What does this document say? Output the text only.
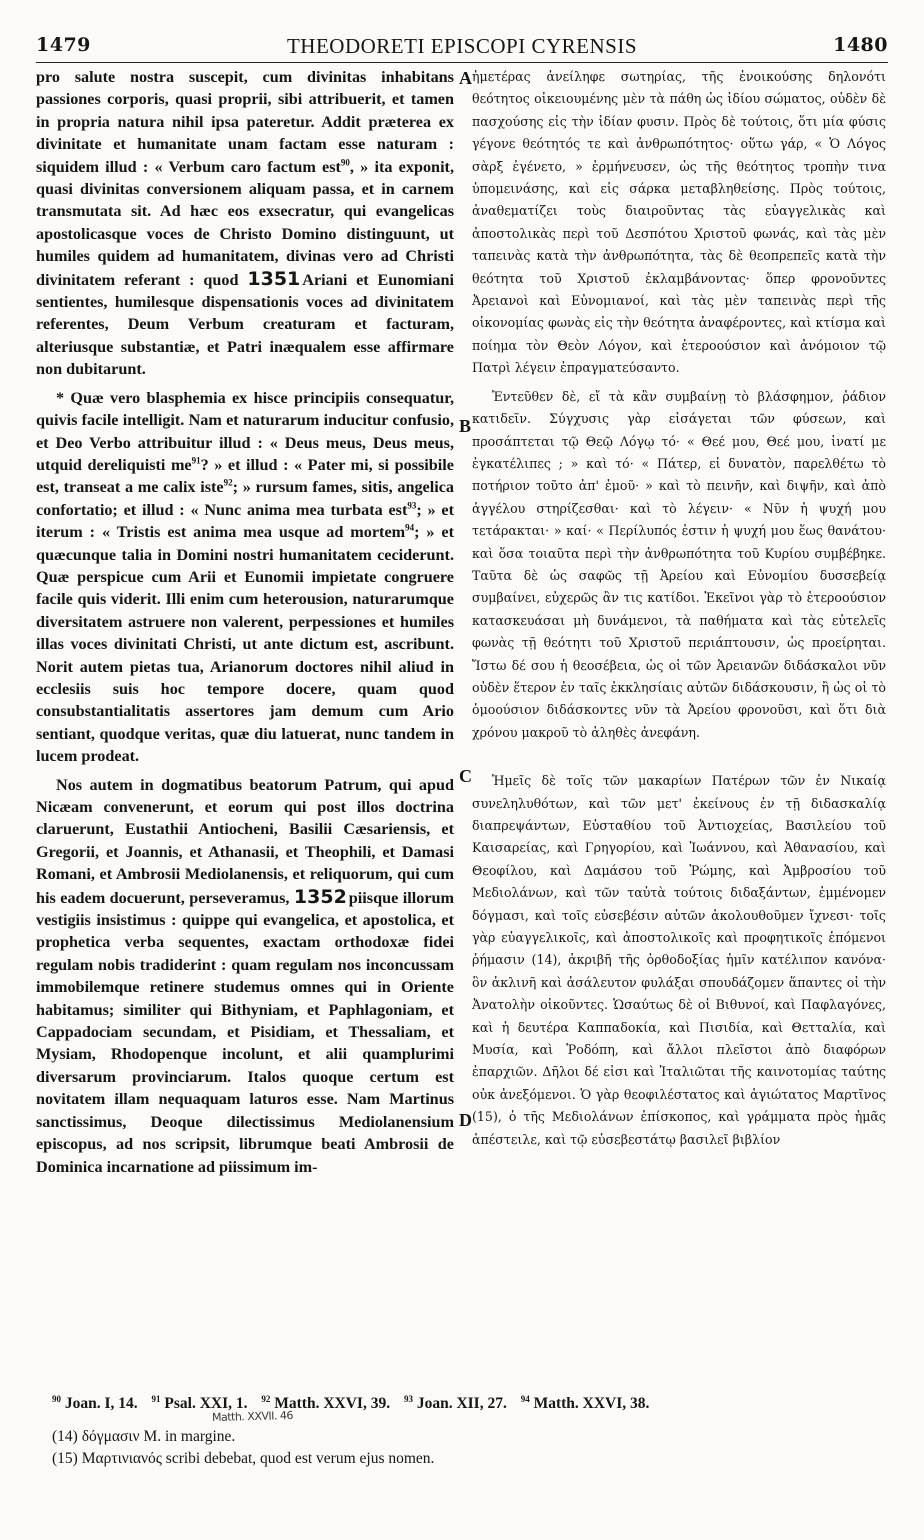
1479	THEODORETI EPISCOPI CYRENSIS	1480

pro salute nostra suscepit, cum divinitas inhabitans passiones corporis, quasi proprii, sibi attribuerit, et tamen in propria natura nihil ipsa pateretur. Addit præterea ex divinitate et humanitate unam factam esse naturam : siquidem illud : « Verbum caro factum est$^{90}$, » ita exponit, quasi divinitas conversionem aliquam passa, et in carnem transmutata sit. Ad hæc eos exsecratur, qui evangelicas apostolicasque voces de Christo Domino distinguunt, ut humiles quidem ad humanitatem, divinas vero ad Christi divinitatem referant : quod 1351 Ariani et Eunomiani sentientes, humilesque dispensationis voces ad divinitatem referentes, Deum Verbum creaturam et facturam, alteriusque substantiæ, et Patri inæqualem esse affirmare non dubitarunt.

* Quæ vero blasphemia ex hisce principiis consequatur, quivis facile intelligit. Nam et naturarum inducitur confusio, et Deo Verbo attribuitur illud : « Deus meus, Deus meus, utquid dereliquisti $me^{91}$? » et illud : « Pater mi, si possibile est, transeat a me calix iste$^{92}$; » rursum fames, sitis, angelica confortatio; et illud : « Nunc anima mea turbata est$^{93}$; » et iterum : « Tristis est anima mea usque ad mortem$^{94}$; » et quæcunque talia in Domini nostri humanitatem ceciderunt. Quæ perspicue cum Arii et Eunomii impietate congruere facile quis viderit. Illi enim cum heterousion, naturarumque diversitatem astruere non valerent, perpessiones et humiles illas voces divinitati Christi, ut ante dictum est, ascribunt. Norit autem pietas tua, Arianorum doctores nihil aliud in ecclesiis suis hoc tempore docere, quam quod consubstantialitatis assertores jam demum cum Ario sentiant, quodque veritas, quæ diu latuerat, nunc tandem in lucem prodeat.

Nos autem in dogmatibus beatorum Patrum, qui apud Nicæam convenerunt, et eorum qui post illos doctrina claruerunt, Eustathii Antiocheni, Basilii Cæsariensis, et Gregorii, et Joannis, et Athanasii, et Theophili, et Damasi Romani, et Ambrosii Mediolanensis, et reliquorum, qui cum his eadem docuerunt, perseveramus, 1352 piisque illorum vestigiis insistimus : quippe qui evangelica, et apostolica, et prophetica verba sequentes, exactam orthodoxæ fidei regulam nobis tradiderint : quam regulam nos inconcussam immobilemque retinere studemus omnes qui in Oriente habitamus; similiter qui Bithyniam, et Paphlagoniam, et Cappadociam secundam, et Pisidiam, et Thessaliam, et Mysiam, Rhodopenque incolunt, et alii quamplurimi diversarum provinciarum. Italos quoque certum est novitatem illam nequaquam laturos esse. Nam Martinus sanctissimus, Deoque dilectissimus Mediolanensium episcopus, ad nos scripsit, librumque beati Ambrosii de Dominica incarnatione ad piissimum im-

A
B
C
D

ἡμετέρας ἀνείληφε σωτηρίας, τῆς ἐνοικούσης δηλονότι θεότητος οἰκειουμένης μὲν τὰ πάθη ὡς ἰδίου σώματος, οὐδὲν δὲ πασχούσης εἰς τὴν ἰδίαν φυσιν. Πρὸς δὲ τούτοις, ὅτι μία φύσις γέγονε θεότητός τε καὶ ἀνθρωπότητος· οὕτω γάρ, « Ὁ Λόγος σὰρξ ἐγένετο, » ἑρμήνευσεν, ὡς τῆς θεότητος τροπὴν τινα ὑπομεινάσης, καὶ εἰς σάρκα μεταβληθείσης. Πρὸς τούτοις, ἀναθεματίζει τοὺς διαιροῦντας τὰς εὐαγγελικὰς καὶ ἀποστολικὰς περὶ τοῦ Δεσπότου Χριστοῦ φωνάς, καὶ τὰς μὲν ταπεινὰς κατὰ τὴν ἀνθρωπότητα, τὰς δὲ θεοπρεπεῖς κατὰ τὴν θεότητα τοῦ Χριστοῦ ἐκλαμβάνοντας· ὅπερ φρονοῦντες Ἀρειανοὶ καὶ Εὐνομιανοί, καὶ τὰς μὲν ταπεινὰς περὶ τῆς οἰκονομίας φωνὰς εἰς τὴν θεότητα ἀναφέροντες, καὶ κτίσμα καὶ ποίημα τὸν Θεὸν Λόγον, καὶ ἑτεροούσιον καὶ ἀνόμοιον τῷ Πατρὶ λέγειν ἐπραγματεύσαντο.

Ἐντεῦθεν δὲ, εἴ τὰ κἂν συμβαίνῃ τὸ βλάσφημον, ῥάδιον κατιδεῖν. Σύγχυσις γὰρ εἰσάγεται τῶν φύσεων, καὶ προσάπτεται τῷ Θεῷ Λόγῳ τό· « Θεέ μου, Θεέ μου, ἱνατί με ἐγκατέλιπες ; » καὶ τό· « Πάτερ, εἰ δυνατὸν, παρελθέτω τὸ ποτήριον τοῦτο ἀπ' ἐμοῦ· » καὶ τὸ πεινῆν, καὶ διψῆν, καὶ ἀπὸ ἀγγέλου στηρίζεσθαι· καὶ τὸ λέγειν· « Νῦν ἡ ψυχή μου τετάρακται· » καί· « Περίλυπός ἐστιν ἡ ψυχή μου ἕως θανάτου· καὶ ὅσα τοιαῦτα περὶ τὴν ἀνθρωπότητα τοῦ Κυρίου συμβέβηκε. Ταῦτα δὲ ὡς σαφῶς τῇ Ἀρείου καὶ Εὐνομίου δυσσεβείᾳ συμβαίνει, εὐχερῶς ἂν τις κατίδοι. Ἐκεῖνοι γὰρ τὸ ἑτεροούσιον κατασκευάσαι μὴ δυνάμενοι, τὰ παθήματα καὶ τὰς εὐτελεῖς φωνὰς τῇ θεότητι τοῦ Χριστοῦ περιάπτουσιν, ὡς προείρηται. Ἴστω δέ σου ἡ θεοσέβεια, ὡς οἱ τῶν Ἀρειανῶν διδάσκαλοι νῦν οὐδὲν ἕτερον ἐν ταῖς ἐκκλησίαις αὐτῶν διδάσκουσιν, ἢ ὡς οἱ τὸ ὁμοούσιον διδάσκοντες νῦν τὰ Ἀρείου φρονοῦσι, καὶ ὅτι διὰ χρόνου μακροῦ τὸ ἀληθὲς ἀνεφάνη.

Ἡμεῖς δὲ τοῖς τῶν μακαρίων Πατέρων τῶν ἐν Νικαίᾳ συνεληλυθότων, καὶ τῶν μετ' ἐκείνους ἐν τῇ διδασκαλίᾳ διαπρεψάντων, Εὐσταθίου τοῦ Ἀντιοχείας, Βασιλείου τοῦ Καισαρείας, καὶ Γρηγορίου, καὶ Ἰωάννου, καὶ Ἀθανασίου, καὶ Θεοφίλου, καὶ Δαμάσου τοῦ Ῥώμης, καὶ Ἀμβροσίου τοῦ Μεδιολάνων, καὶ τῶν ταὐτὰ τούτοις διδαξάντων, ἐμμένομεν δόγμασι, καὶ τοῖς εὐσεβέσιν αὐτῶν ἀκολουθοῦμεν ἴχνεσι· τοῖς γὰρ εὐαγγελικοῖς, καὶ ἀποστολικοῖς καὶ προφητικοῖς ἑπόμενοι ῥήμασιν (14), ἀκριβῆ τῆς ὀρθοδοξίας ἡμῖν κατέλιπον κανόνα· ὃν ἀκλινῆ καὶ ἀσάλευτον φυλάξαι σπουδάζομεν ἅπαντες οἱ τὴν Ἀνατολὴν οἰκοῦντες. Ὡσαύτως δὲ οἱ Βιθυνοί, καὶ Παφλαγόνες, καὶ ἡ δευτέρα Καππαδοκία, καὶ Πισιδία, καὶ Θετταλία, καὶ Μυσία, καὶ Ῥοδόπη, καὶ ἄλλοι πλεῖστοι ἀπὸ διαφόρων ἐπαρχιῶν. Δῆλοι δέ εἰσι καὶ Ἰταλιῶται τῆς καινοτομίας ταύτης οὐκ ἀνεξόμενοι. Ὁ γὰρ θεοφιλέστατος καὶ ἁγιώτατος Μαρτῖνος (15), ὁ τῆς Μεδιολάνων ἐπίσκοπος, καὶ γράμματα πρὸς ἡμᾶς ἀπέστειλε, καὶ τῷ εὐσεβεστάτῳ βασιλεῖ βιβλίον

$^{90}$ Joan. I, 14. $^{91}$ Psal. XXI, 1. $^{92}$ Matth. XXVI, 39. $^{93}$ Joan. XII, 27. $^{94}$ Matth. XXVI, 38.
(14) δόγμασιν M. in margine.
(15) Μαρτινιανός scribi debebat, quod est verum ejus nomen.
Matth. XXVII. 46
